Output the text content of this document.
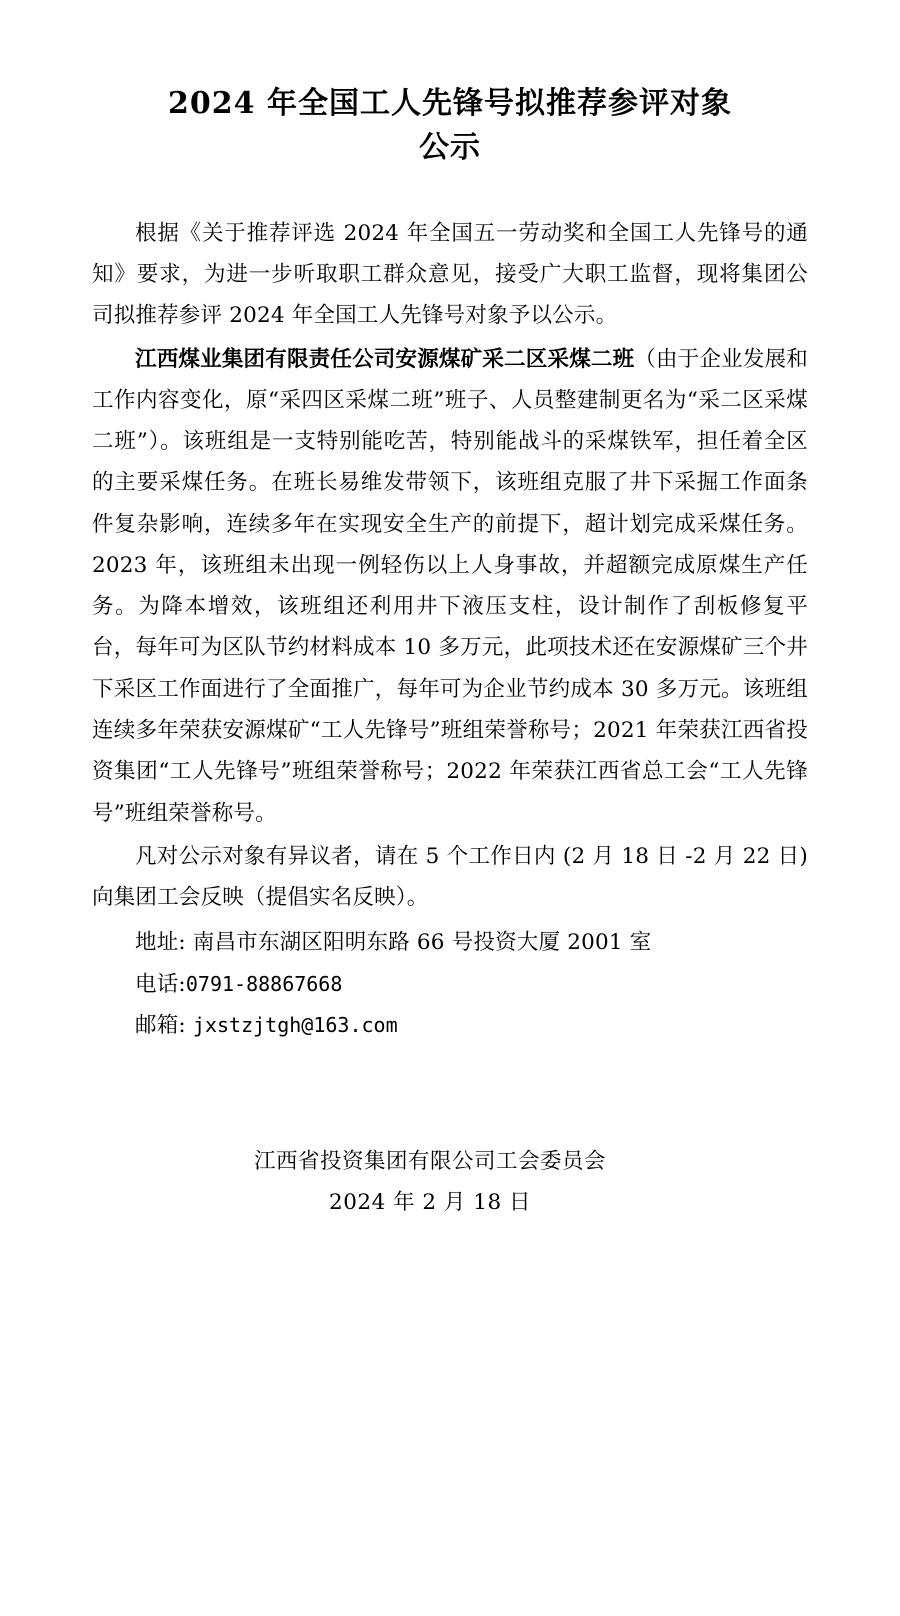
2024 年全国工人先锋号拟推荐参评对象
公示

根据《关于推荐评选 2024 年全国五一劳动奖和全国工人先锋号的通知》要求，为进一步听取职工群众意见，接受广大职工监督，现将集团公司拟推荐参评 2024 年全国工人先锋号对象予以公示。

江西煤业集团有限责任公司安源煤矿采二区采煤二班（由于企业发展和工作内容变化，原“采四区采煤二班”班子、人员整建制更名为“采二区采煤二班”）。该班组是一支特别能吃苦，特别能战斗的采煤铁军，担任着全区的主要采煤任务。在班长易维发带领下，该班组克服了井下采掘工作面条件复杂影响，连续多年在实现安全生产的前提下，超计划完成采煤任务。2023 年，该班组未出现一例轻伤以上人身事故，并超额完成原煤生产任务。为降本增效，该班组还利用井下液压支柱，设计制作了刮板修复平台，每年可为区队节约材料成本 10 多万元，此项技术还在安源煤矿三个井下采区工作面进行了全面推广，每年可为企业节约成本 30 多万元。该班组连续多年荣获安源煤矿“工人先锋号”班组荣誉称号；2021 年荣获江西省投资集团“工人先锋号”班组荣誉称号；2022 年荣获江西省总工会“工人先锋号”班组荣誉称号。

凡对公示对象有异议者，请在 5 个工作日内 (2 月 18 日 -2 月 22 日) 向集团工会反映（提倡实名反映）。

地址: 南昌市东湖区阳明东路 66 号投资大厦 2001 室

电话:0791-88867668

邮箱: jxstzjtgh@163.com

江西省投资集团有限公司工会委员会

2024 年 2 月 18 日
